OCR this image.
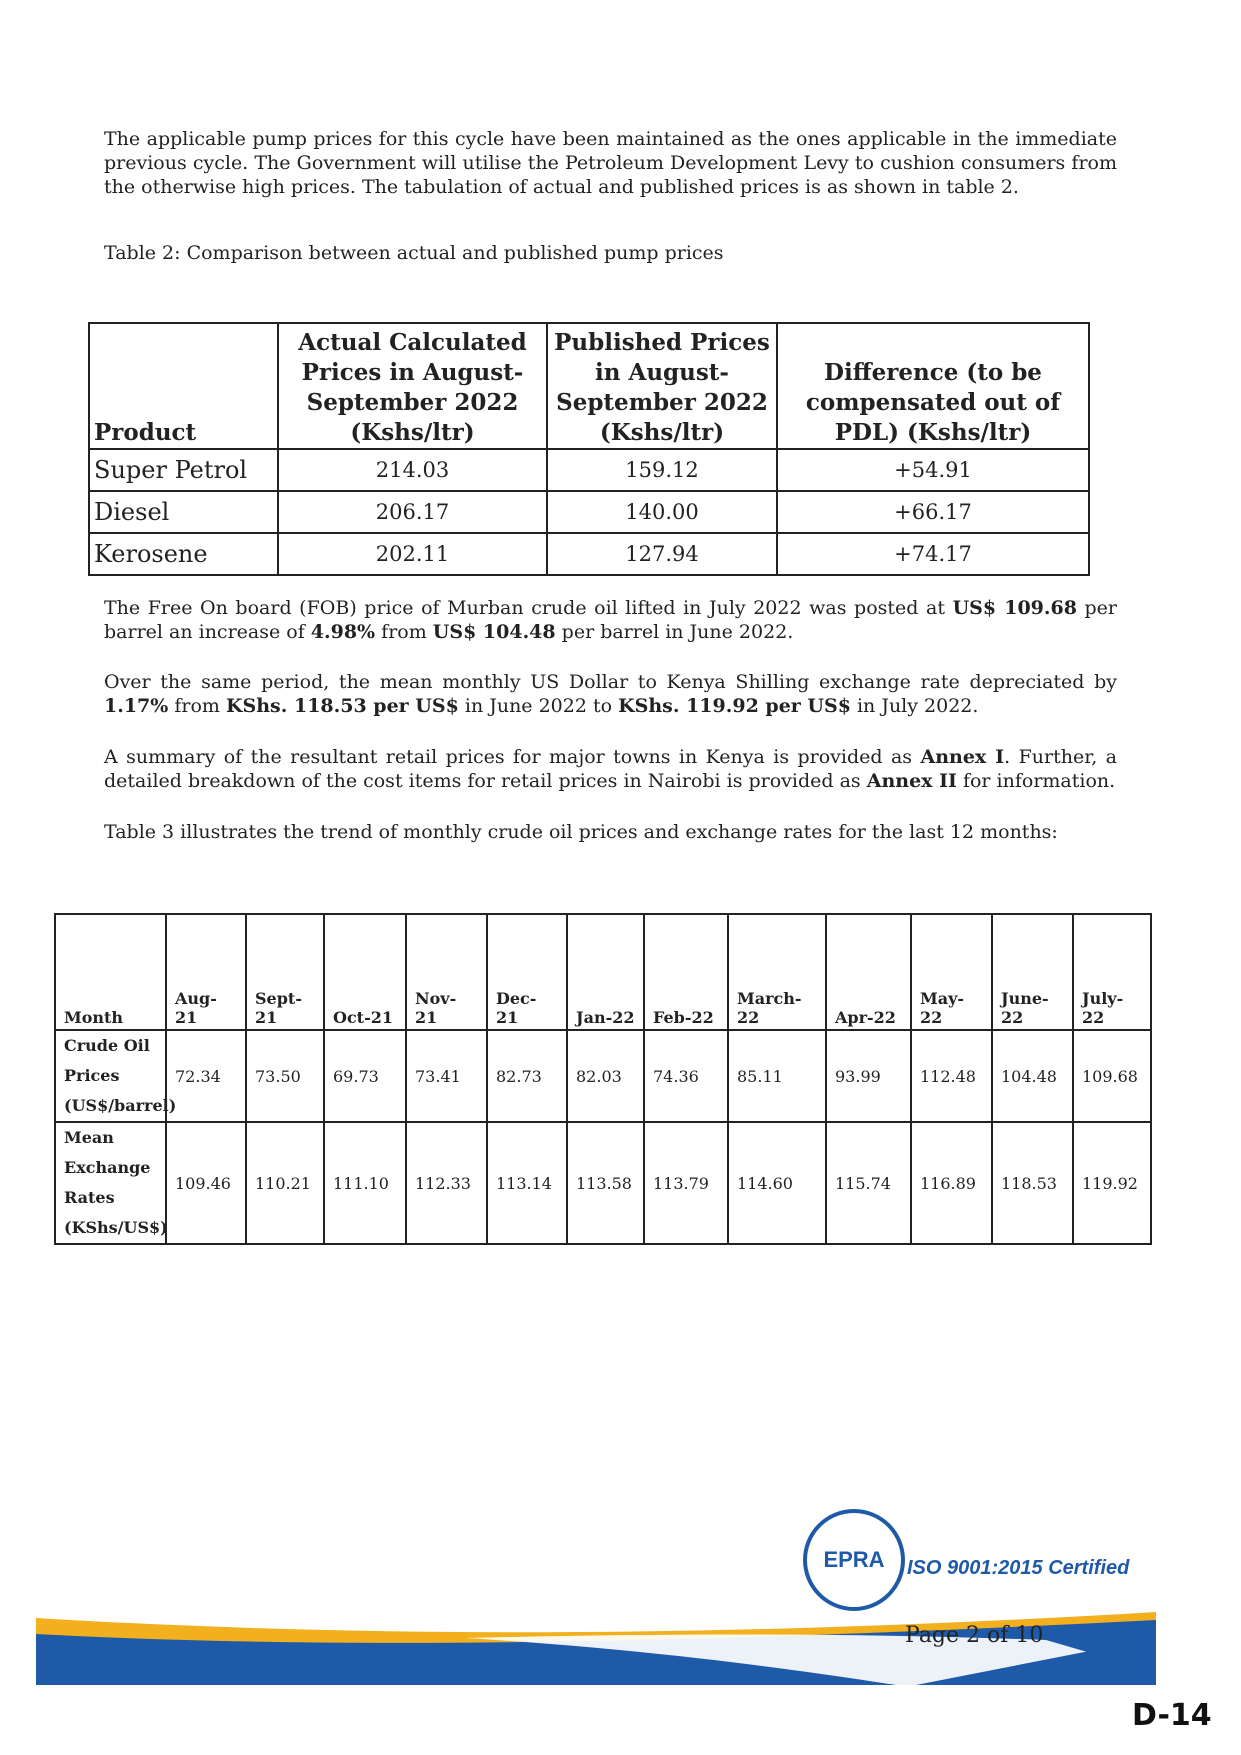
The applicable pump prices for this cycle have been maintained as the ones applicable in the immediate previous cycle. The Government will utilise the Petroleum Development Levy to cushion consumers from the otherwise high prices. The tabulation of actual and published prices is as shown in table 2.

Table 2: Comparison between actual and published pump prices
Product	Actual Calculated Prices in August-September 2022 (Kshs/ltr)	Published Prices in August-September 2022 (Kshs/ltr)	Difference (to be compensated out of PDL) (Kshs/ltr)
Super Petrol	214.03	159.12	+54.91
Diesel	206.17	140.00	+66.17
Kerosene	202.11	127.94	+74.17

The Free On board (FOB) price of Murban crude oil lifted in July 2022 was posted at US$ 109.68 per barrel an increase of 4.98% from US$ 104.48 per barrel in June 2022.

Over the same period, the mean monthly US Dollar to Kenya Shilling exchange rate depreciated by 1.17% from KShs. 118.53 per US$ in June 2022 to KShs. 119.92 per US$ in July 2022.

A summary of the resultant retail prices for major towns in Kenya is provided as Annex I. Further, a detailed breakdown of the cost items for retail prices in Nairobi is provided as Annex II for information.

Table 3 illustrates the trend of monthly crude oil prices and exchange rates for the last 12 months:
Month	Aug-21	Sept-21	Oct-21	Nov-21	Dec-21	Jan-22	Feb-22	March-22	Apr-22	May-22	June-22	July-22

Crude Oil
Prices
(US$/barrel)	72.34	73.50	69.73	73.41	82.73	82.03	74.36	85.11	93.99	112.48	104.48	109.68

Mean
Exchange
Rates
(KShs/US$)	109.46	110.21	111.10	112.33	113.14	113.58	113.79	114.60	115.74	116.89	118.53	119.92
EPRA ISO 9001:2015 Certified
Page 2 of 10
D-14
